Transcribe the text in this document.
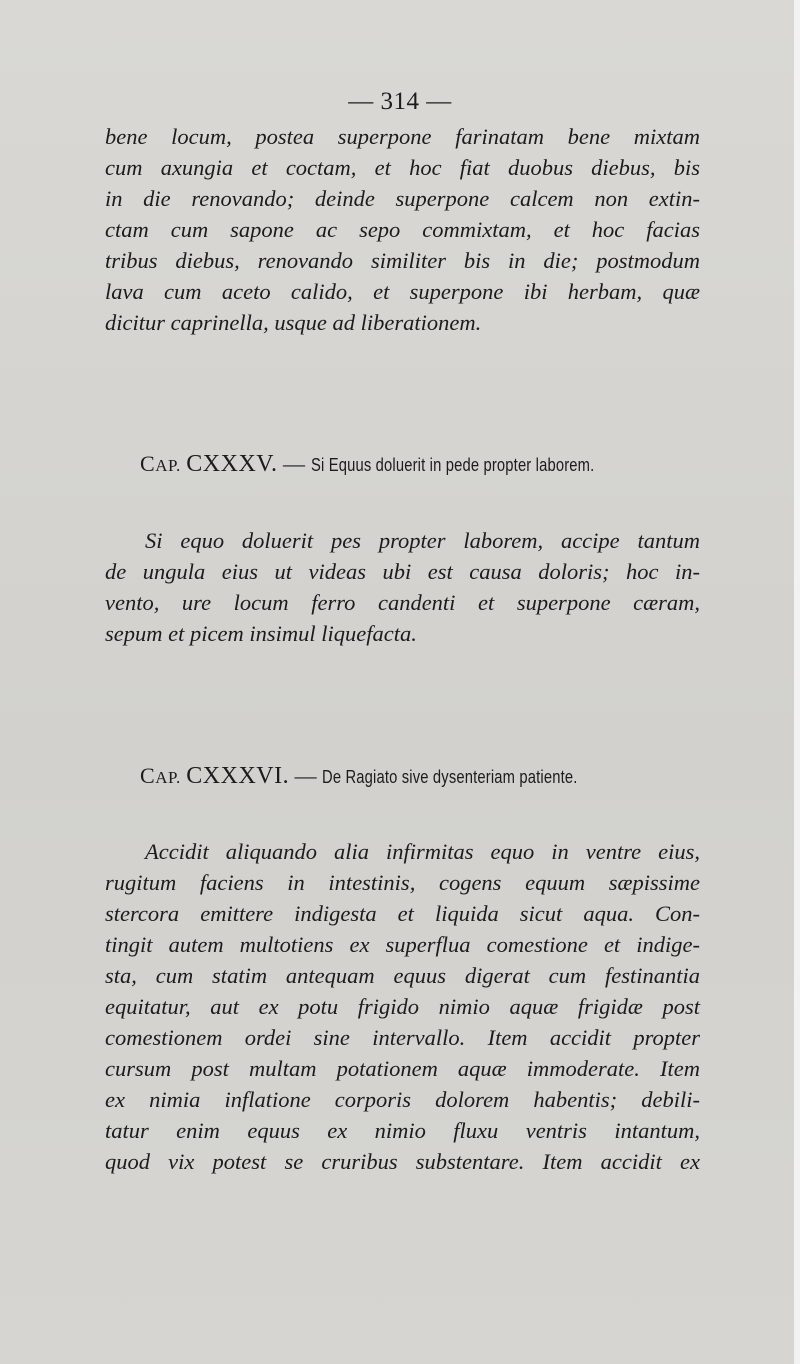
— 314 —
bene locum, postea superpone farinatam bene mixtam
cum axungia et coctam, et hoc fiat duobus diebus, bis
in die renovando; deinde superpone calcem non extin-
ctam cum sapone ac sepo commixtam, et hoc facias
tribus diebus, renovando similiter bis in die; postmodum
lava cum aceto calido, et superpone ibi herbam, quæ
dicitur caprinella, usque ad liberationem.
CAP. CXXXV. — Si Equus doluerit in pede propter laborem.
Si equo doluerit pes propter laborem, accipe tantum
de ungula eius ut videas ubi est causa doloris; hoc in-
vento, ure locum ferro candenti et superpone cæram,
sepum et picem insimul liquefacta.
CAP. CXXXVI. — De Ragiato sive dysenteriam patiente.
Accidit aliquando alia infirmitas equo in ventre eius,
rugitum faciens in intestinis, cogens equum sæpissime
stercora emittere indigesta et liquida sicut aqua. Con-
tingit autem multotiens ex superflua comestione et indige-
sta, cum statim antequam equus digerat cum festinantia
equitatur, aut ex potu frigido nimio aquæ frigidæ post
comestionem ordei sine intervallo. Item accidit propter
cursum post multam potationem aquæ immoderate. Item
ex nimia inflatione corporis dolorem habentis; debili-
tatur enim equus ex nimio fluxu ventris intantum,
quod vix potest se cruribus substentare. Item accidit ex
